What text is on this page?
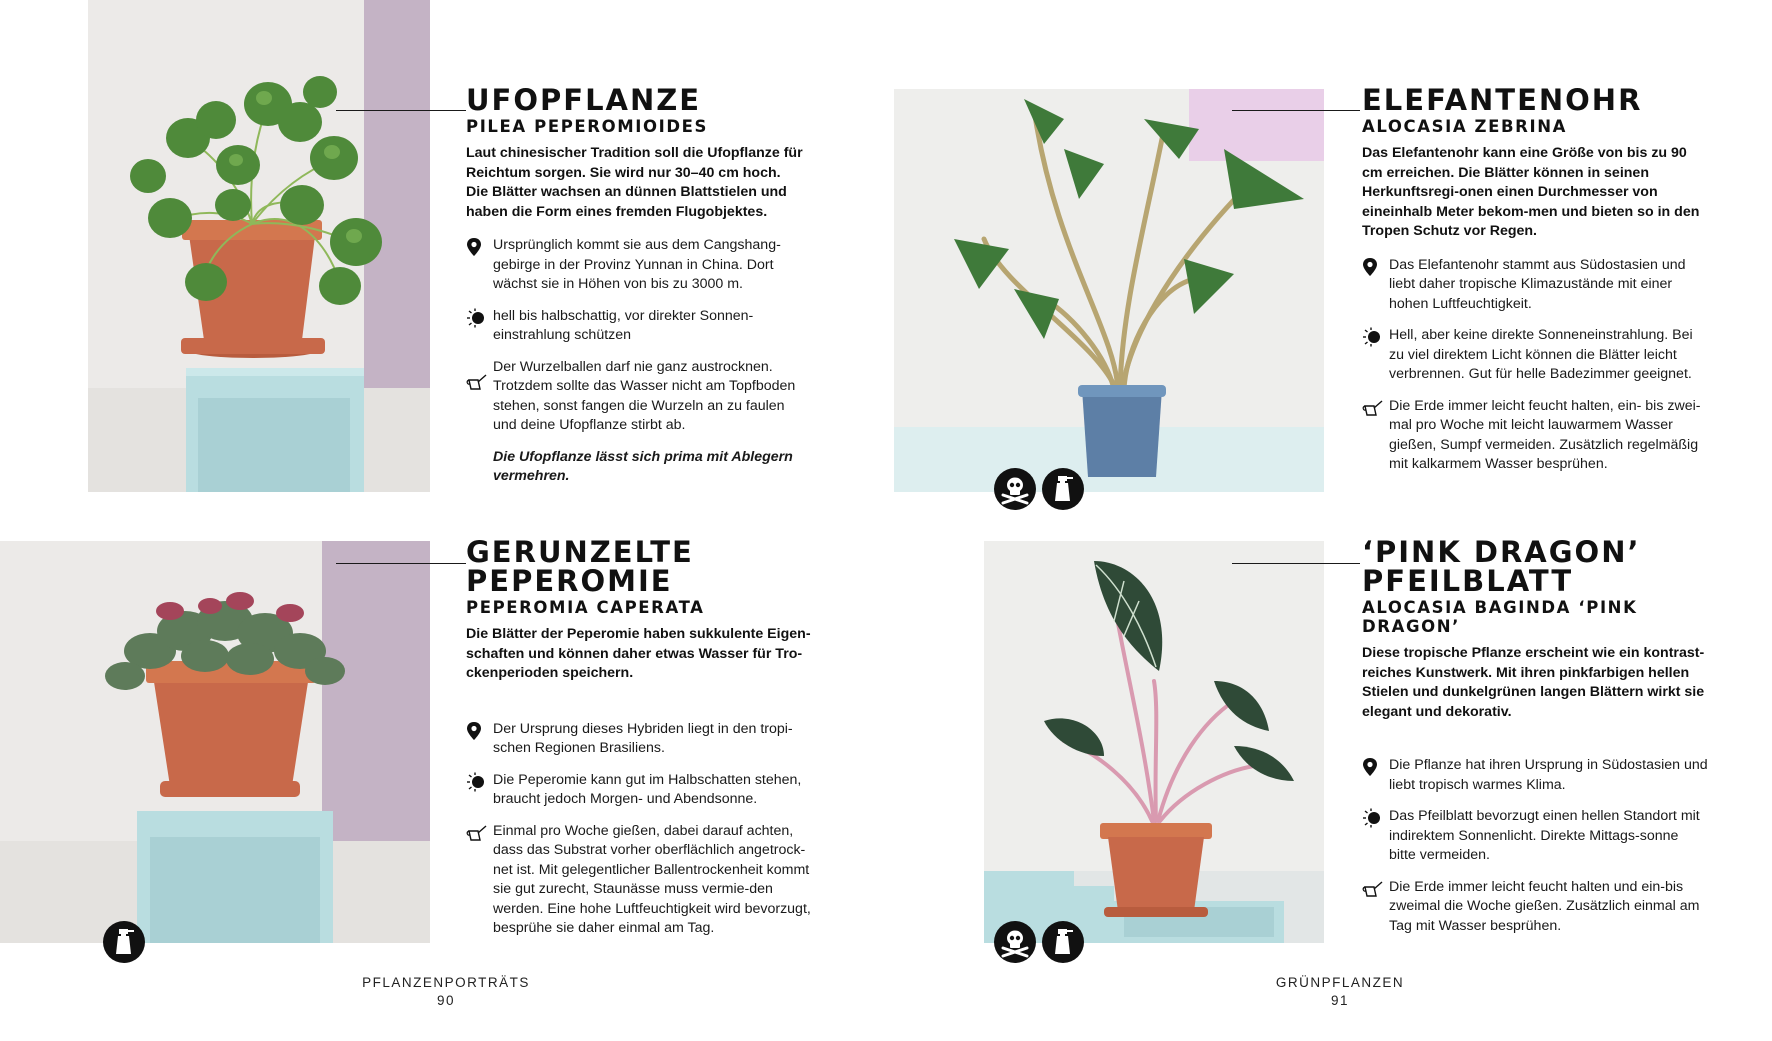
UFOPFLANZE
PILEA PEPEROMIOIDES

Laut chinesischer Tradition soll die Ufopflanze für Reichtum sorgen. Sie wird nur 30–40 cm hoch. Die Blätter wachsen an dünnen Blattstielen und haben die Form eines fremden Flugobjektes.

Ursprünglich kommt sie aus dem Cangshang-gebirge in der Provinz Yunnan in China. Dort wächst sie in Höhen von bis zu 3000 m.
hell bis halbschattig, vor direkter Sonnen-einstrahlung schützen
Der Wurzelballen darf nie ganz austrocknen. Trotzdem sollte das Wasser nicht am Topfboden stehen, sonst fangen die Wurzeln an zu faulen und deine Ufopflanze stirbt ab.

Die Ufopflanze lässt sich prima mit Ablegern vermehren.

ELEFANTENOHR
ALOCASIA ZEBRINA

Das Elefantenohr kann eine Größe von bis zu 90 cm erreichen. Die Blätter können in seinen Herkunftsregi-onen einen Durchmesser von eineinhalb Meter bekom-men und bieten so in den Tropen Schutz vor Regen.

Das Elefantenohr stammt aus Südostasien und liebt daher tropische Klimazustände mit einer hohen Luftfeuchtigkeit.
Hell, aber keine direkte Sonneneinstrahlung. Bei zu viel direktem Licht können die Blätter leicht verbrennen. Gut für helle Badezimmer geeignet.
Die Erde immer leicht feucht halten, ein- bis zwei-mal pro Woche mit leicht lauwarmem Wasser gießen, Sumpf vermeiden. Zusätzlich regelmäßig mit kalkarmem Wasser besprühen.
GERUNZELTE PEPEROMIE
PEPEROMIA CAPERATA

Die Blätter der Peperomie haben sukkulente Eigen-schaften und können daher etwas Wasser für Tro-ckenperioden speichern.

Der Ursprung dieses Hybriden liegt in den tropi-schen Regionen Brasiliens.
Die Peperomie kann gut im Halbschatten stehen, braucht jedoch Morgen- und Abendsonne.
Einmal pro Woche gießen, dabei darauf achten, dass das Substrat vorher oberflächlich angetrock-net ist. Mit gelegentlicher Ballentrockenheit kommt sie gut zurecht, Staunässe muss vermie-den werden. Eine hohe Luftfeuchtigkeit wird bevorzugt, besprühe sie daher einmal am Tag.
‘PINK DRAGON’
PFEILBLATT
ALOCASIA BAGINDA ‘PINK DRAGON’

Diese tropische Pflanze erscheint wie ein kontrast-reiches Kunstwerk. Mit ihren pinkfarbigen hellen Stielen und dunkelgrünen langen Blättern wirkt sie elegant und dekorativ.

Die Pflanze hat ihren Ursprung in Südostasien und liebt tropisch warmes Klima.
Das Pfeilblatt bevorzugt einen hellen Standort mit indirektem Sonnenlicht. Direkte Mittags-sonne bitte vermeiden.
Die Erde immer leicht feucht halten und ein-bis zweimal die Woche gießen. Zusätzlich einmal am Tag mit Wasser besprühen.
PFLANZENPORTRÄTS
90
GRÜNPFLANZEN
91
